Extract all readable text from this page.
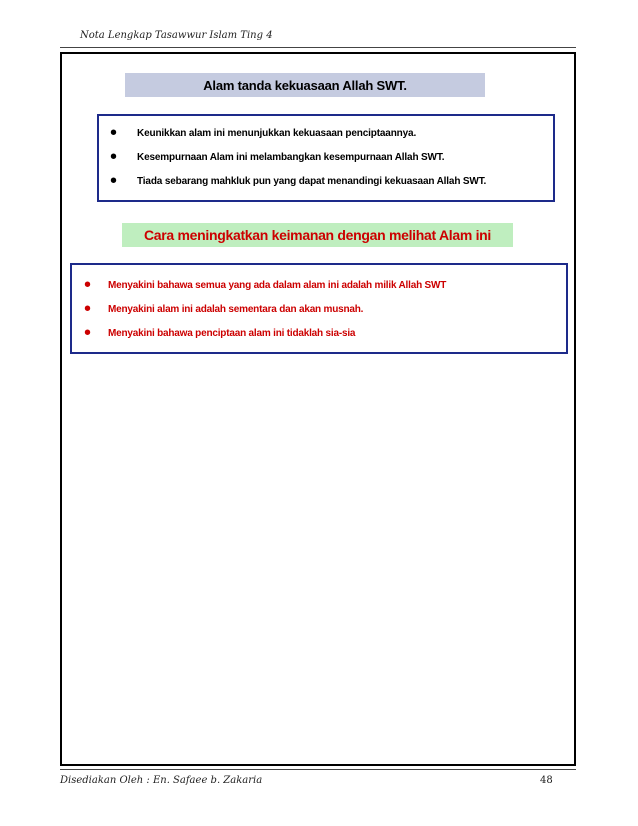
Nota Lengkap Tasawwur Islam Ting 4
Alam tanda kekuasaan Allah SWT.
• Keunikkan alam ini menunjukkan kekuasaan penciptaannya.
• Kesempurnaan Alam ini melambangkan kesempurnaan Allah SWT.
• Tiada sebarang mahkluk pun yang dapat menandingi kekuasaan Allah SWT.
Cara meningkatkan keimanan dengan melihat Alam ini
• Menyakini bahawa semua yang ada dalam alam ini adalah milik Allah SWT
• Menyakini alam ini adalah sementara dan akan musnah.
• Menyakini bahawa penciptaan alam ini tidaklah sia-sia
Disediakan Oleh : En. Safaee b. Zakaria	48
